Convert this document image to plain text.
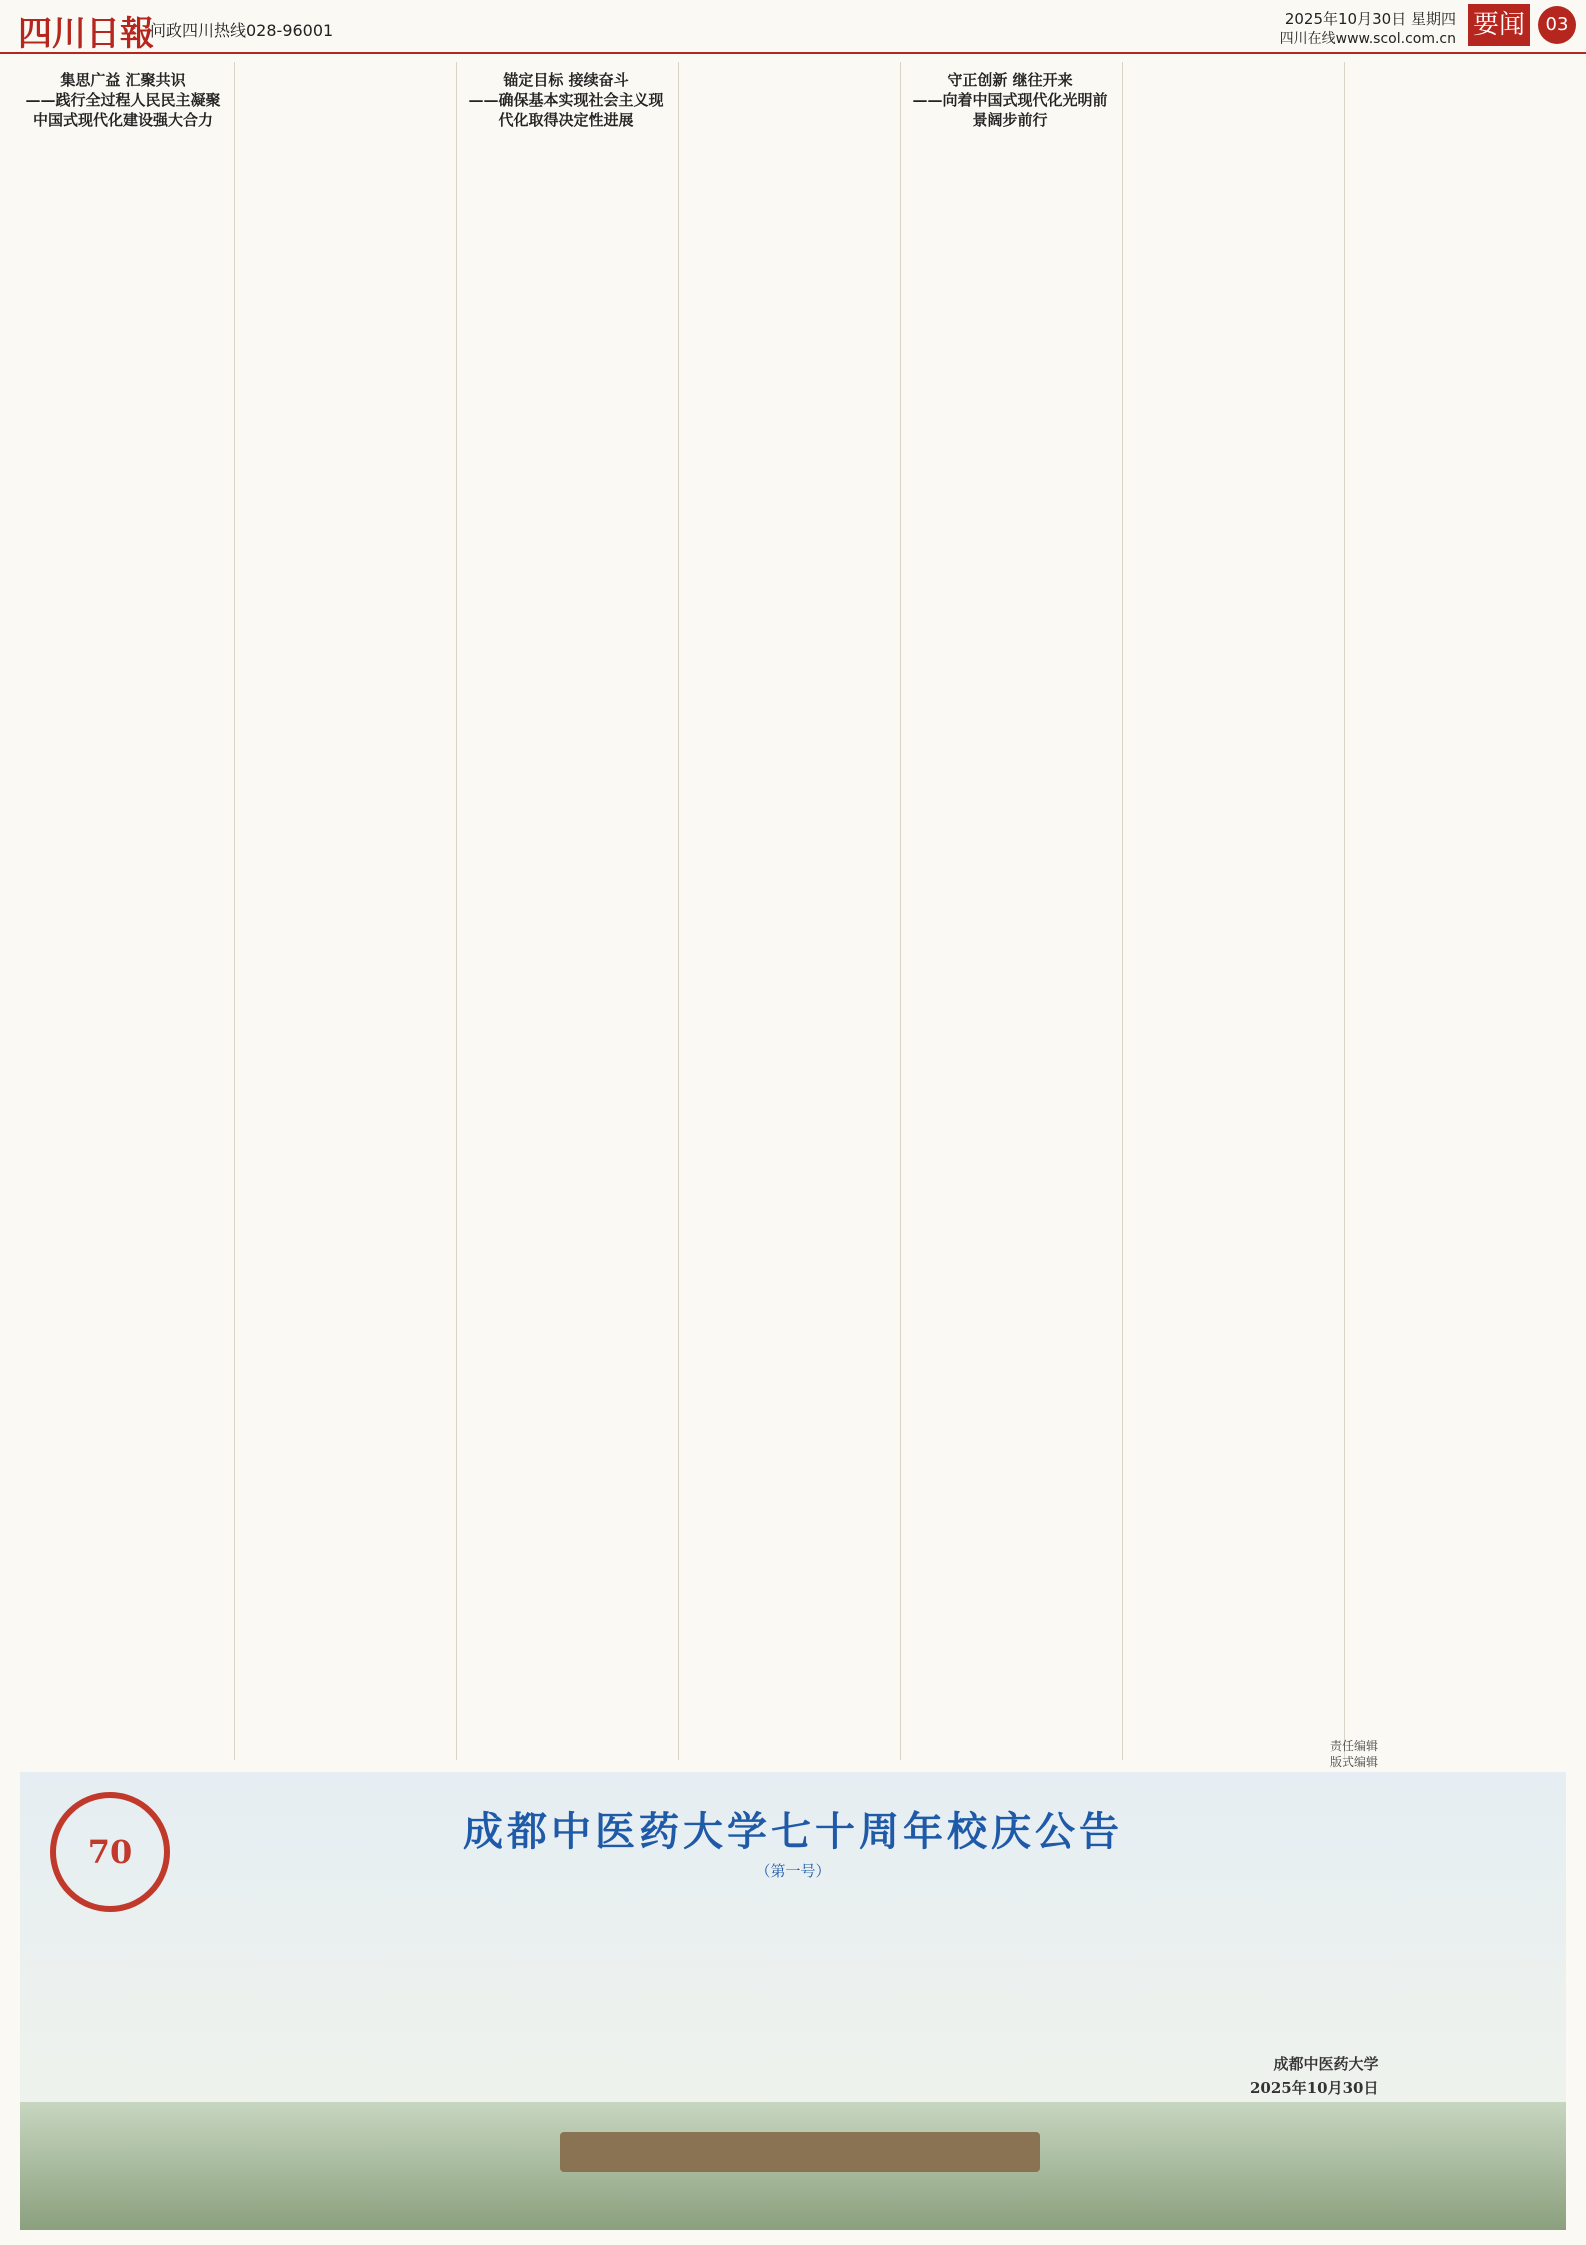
四川日報
问政四川热线028-96001
2025年10月30日 星期四
四川在线www.scol.com.cn 要闻	03

集思广益 汇聚共识
——践行全过程人民民主凝聚中国式现代化建设强大合力

锚定目标 接续奋斗
——确保基本实现社会主义现代化取得决定性进展

守正创新 继往开来
——向着中国式现代化光明前景阔步前行

责任编辑
版式编辑
70	成都中医药大学七十周年校庆公告
（第一号）
成都中医药大学
2025年10月30日
